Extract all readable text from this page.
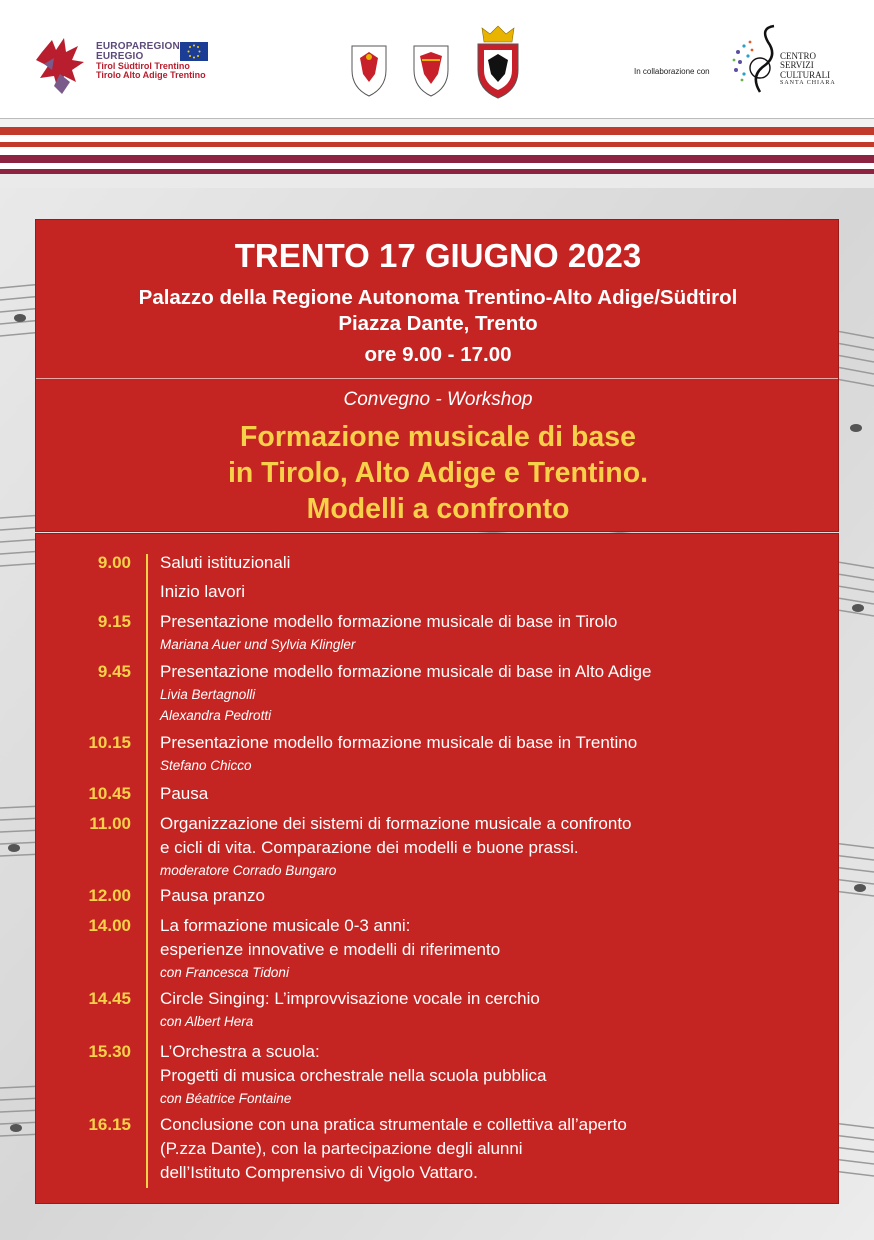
EUROPAREGION
EUREGIO
Tirol Südtirol Trentino
Tirolo Alto Adige Trentino	In collaborazione con
CENTRO
SERVIZI
CULTURALI
SANTA CHIARA
TRENTO 17 GIUGNO 2023
Palazzo della Regione Autonoma Trentino-Alto Adige/Südtirol
Piazza Dante, Trento
ore 9.00 - 17.00
Convegno - Workshop
Formazione musicale di base
in Tirolo, Alto Adige e Trentino.
Modelli a confronto
9.00 Saluti istituzionali
Inizio lavori
9.15 Presentazione modello formazione musicale di base in Tirolo
Mariana Auer und Sylvia Klingler
9.45 Presentazione modello formazione musicale di base in Alto Adige
Livia Bertagnolli
Alexandra Pedrotti
10.15 Presentazione modello formazione musicale di base in Trentino
Stefano Chicco
10.45 Pausa
11.00 Organizzazione dei sistemi di formazione musicale a confronto
e cicli di vita. Comparazione dei modelli e buone prassi.
moderatore Corrado Bungaro
12.00 Pausa pranzo
14.00 La formazione musicale 0-3 anni:
esperienze innovative e modelli di riferimento
con Francesca Tidoni
14.45 Circle Singing: L’improvvisazione vocale in cerchio
con Albert Hera
15.30 L’Orchestra a scuola:
Progetti di musica orchestrale nella scuola pubblica
con Béatrice Fontaine
16.15 Conclusione con una pratica strumentale e collettiva all’aperto
(P.zza Dante), con la partecipazione degli alunni
dell’Istituto Comprensivo di Vigolo Vattaro.
